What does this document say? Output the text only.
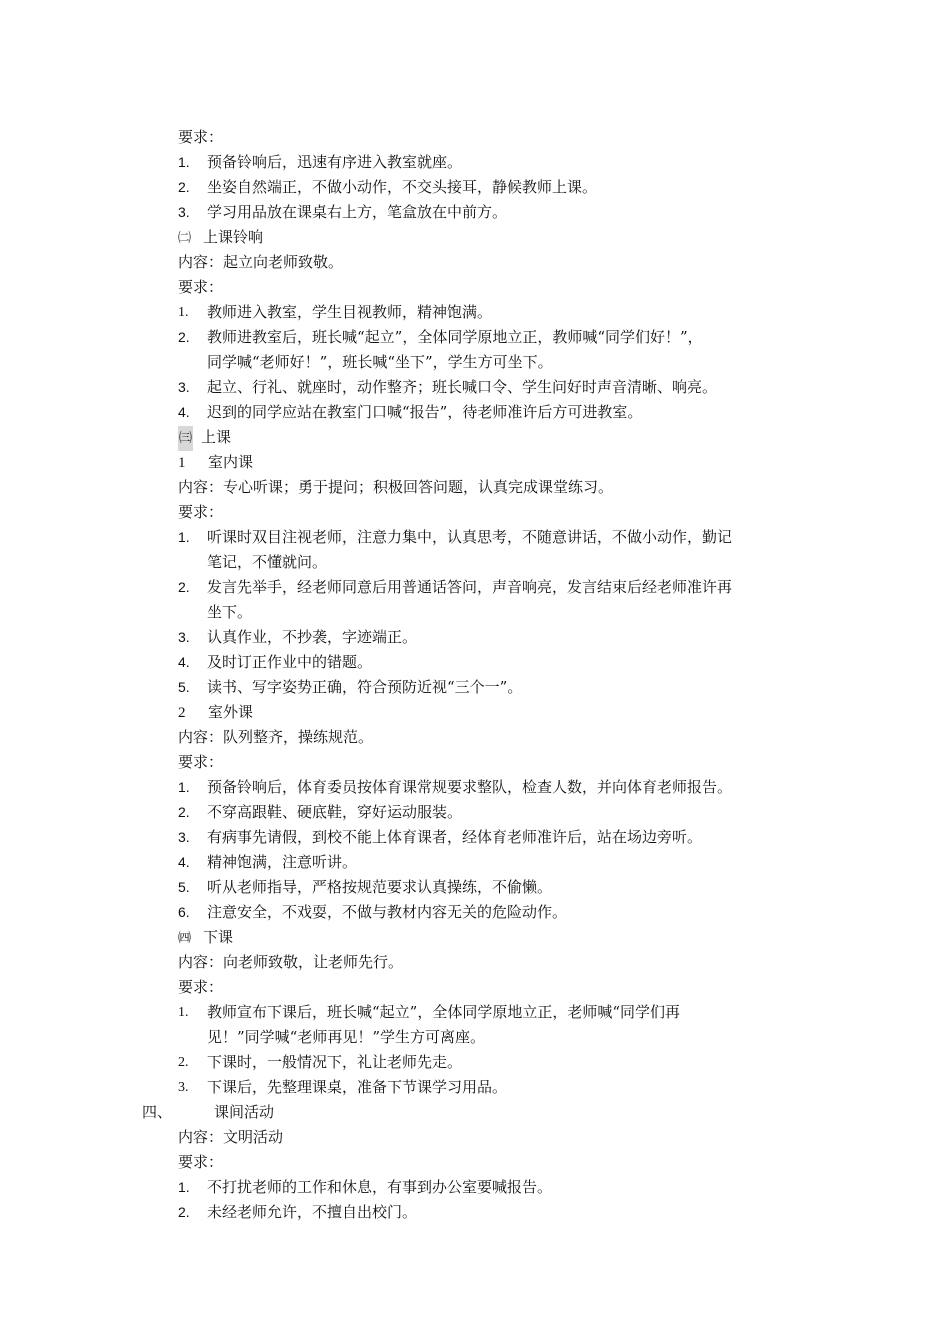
要求：
1.	预备铃响后，迅速有序进入教室就座。
2.	坐姿自然端正，不做小动作，不交头接耳，静候教师上课。
3.	学习用品放在课桌右上方，笔盒放在中前方。
㈡ 上课铃响
内容：起立向老师致敬。
要求：
1.	教师进入教室，学生目视教师，精神饱满。
2.	教师进教室后，班长喊“起立”，全体同学原地立正，教师喊“同学们好！”，
同学喊“老师好！”，班长喊“坐下”，学生方可坐下。
3.	起立、行礼、就座时，动作整齐；班长喊口令、学生问好时声音清晰、响亮。
4.	迟到的同学应站在教室门口喊“报告”，待老师准许后方可进教室。
㈢ 上课
1 室内课
内容：专心听课；勇于提问；积极回答问题，认真完成课堂练习。
要求：
1.	听课时双目注视老师，注意力集中，认真思考，不随意讲话，不做小动作，勤记
笔记，不懂就问。
2.	发言先举手，经老师同意后用普通话答问，声音响亮，发言结束后经老师准许再
坐下。
3.	认真作业，不抄袭，字迹端正。
4.	及时订正作业中的错题。
5.	读书、写字姿势正确，符合预防近视“三个一”。
2 室外课
内容：队列整齐，操练规范。
要求：
1.	预备铃响后，体育委员按体育课常规要求整队，检查人数，并向体育老师报告。
2.	不穿高跟鞋、硬底鞋，穿好运动服装。
3.	有病事先请假，到校不能上体育课者，经体育老师准许后，站在场边旁听。
4.	精神饱满，注意听讲。
5.	听从老师指导，严格按规范要求认真操练，不偷懒。
6.	注意安全，不戏耍，不做与教材内容无关的危险动作。
㈣ 下课
内容：向老师致敬，让老师先行。
要求：
1.	教师宣布下课后，班长喊“起立”，全体同学原地立正，老师喊“同学们再
见！”同学喊“老师再见！”学生方可离座。
2.	下课时，一般情况下，礼让老师先走。
3.	下课后，先整理课桌，准备下节课学习用品。
四、	课间活动
内容：文明活动
要求：
1.	不打扰老师的工作和休息，有事到办公室要喊报告。
2.	未经老师允许，不擅自出校门。
